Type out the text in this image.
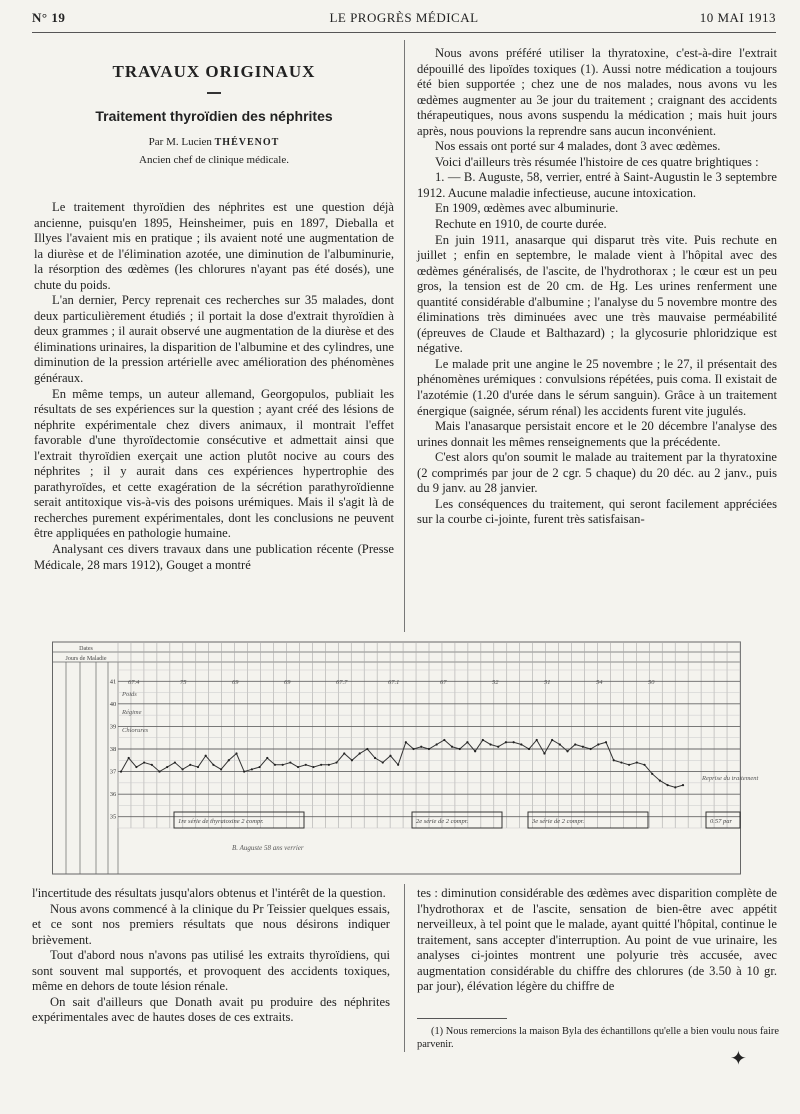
N° 19	LE PROGRÈS MÉDICAL	10 MAI 1913
TRAVAUX ORIGINAUX
Traitement thyroïdien des néphrites

Par M. Lucien THÉVENOT

Ancien chef de clinique médicale.

Le traitement thyroïdien des néphrites est une question déjà ancienne, puisqu'en 1895, Heinsheimer, puis en 1897, Dieballa et Illyes l'avaient mis en pratique ; ils avaient noté une augmentation de la diurèse et de l'élimination azotée, une diminution de l'albuminurie, la résorption des œdèmes (les chlorures n'ayant pas été dosés), une chute du poids.

L'an dernier, Percy reprenait ces recherches sur 35 malades, dont deux particulièrement étudiés ; il portait la dose d'extrait thyroïdien à deux grammes ; il aurait observé une augmentation de la diurèse et des éliminations urinaires, la disparition de l'albumine et des cylindres, une diminution de la pression artérielle avec amélioration des phénomènes généraux.

En même temps, un auteur allemand, Georgopulos, publiait les résultats de ses expériences sur la question ; ayant créé des lésions de néphrite expérimentale chez divers animaux, il montrait l'effet favorable d'une thyroïdectomie consécutive et admettait ainsi que l'extrait thyroïdien exerçait une action plutôt nocive au cours des néphrites ; il y aurait dans ces expériences hypertrophie des parathyroïdes, et cette exagération de la sécrétion parathyroïdienne serait antitoxique vis-à-vis des poisons urémiques. Mais il s'agit là de recherches purement expérimentales, dont les conclusions ne peuvent être appliquées en pathologie humaine.

Analysant ces divers travaux dans une publication récente (Presse Médicale, 28 mars 1912), Gouget a montré

Nous avons préféré utiliser la thyratoxine, c'est-à-dire l'extrait dépouillé des lipoïdes toxiques (1). Aussi notre médication a toujours été bien supportée ; chez une de nos malades, nous avons vu les œdèmes augmenter au 3e jour du traitement ; craignant des accidents thérapeutiques, nous avons suspendu la médication ; mais huit jours après, nous pouvions la reprendre sans aucun inconvénient.

Nos essais ont porté sur 4 malades, dont 3 avec œdèmes.

Voici d'ailleurs très résumée l'histoire de ces quatre brightiques :

1. — B. Auguste, 58, verrier, entré à Saint-Augustin le 3 septembre 1912. Aucune maladie infectieuse, aucune intoxication.

En 1909, œdèmes avec albuminurie.

Rechute en 1910, de courte durée.

En juin 1911, anasarque qui disparut très vite. Puis rechute en juillet ; enfin en septembre, le malade vient à l'hôpital avec des œdèmes généralisés, de l'ascite, de l'hydrothorax ; le cœur est un peu gros, la tension est de 20 cm. de Hg. Les urines renferment une quantité considérable d'albumine ; l'analyse du 5 novembre montre des éliminations très diminuées avec une très mauvaise perméabilité (épreuves de Claude et Balthazard) ; la glycosurie phloridzique est négative.

Le malade prit une angine le 25 novembre ; le 27, il présentait des phénomènes urémiques : convulsions répétées, puis coma. Il existait de l'azotémie (1.20 d'urée dans le sérum sanguin). Grâce à un traitement énergique (saignée, sérum rénal) les accidents furent vite jugulés.

Mais l'anasarque persistait encore et le 20 décembre l'analyse des urines donnait les mêmes renseignements que la précédente.

C'est alors qu'on soumit le malade au traitement par la thyratoxine (2 comprimés par jour de 2 cgr. 5 chaque) du 20 déc. au 2 janv., puis du 9 janv. au 28 janvier.

Les conséquences du traitement, qui seront facilement appréciées sur la courbe ci-jointe, furent très satisfaisan-

Dates
Jours de Maladie
41
40
39
38
37
36
35
67.4	75	69	69	67.7	67.1	67	52	51	54	50
Poids
Régime
Chlorures
1re série de thyratoxine 2 compr.	2e série de 2 compr.	3e série de 2 compr.	0.57 par
B. Auguste 58 ans verrier
Reprise du traitement

l'incertitude des résultats jusqu'alors obtenus et l'intérêt de la question.

Nous avons commencé à la clinique du Pr Teissier quelques essais, et ce sont nos premiers résultats que nous désirons indiquer brièvement.

Tout d'abord nous n'avons pas utilisé les extraits thyroïdiens, qui sont souvent mal supportés, et provoquent des accidents toxiques, même en dehors de toute lésion rénale.

On sait d'ailleurs que Donath avait pu produire des néphrites expérimentales avec de hautes doses de ces extraits.

tes : diminution considérable des œdèmes avec disparition complète de l'hydrothorax et de l'ascite, sensation de bien-être avec appétit nerveilleux, à tel point que le malade, ayant quitté l'hôpital, continue le traitement, sans accepter d'interruption. Au point de vue urinaire, les analyses ci-jointes montrent une polyurie très accusée, avec augmentation considérable du chiffre des chlorures (de 3.50 à 10 gr. par jour), élévation légère du chiffre de

(1) Nous remercions la maison Byla des échantillons qu'elle a bien voulu nous faire parvenir.

✦
